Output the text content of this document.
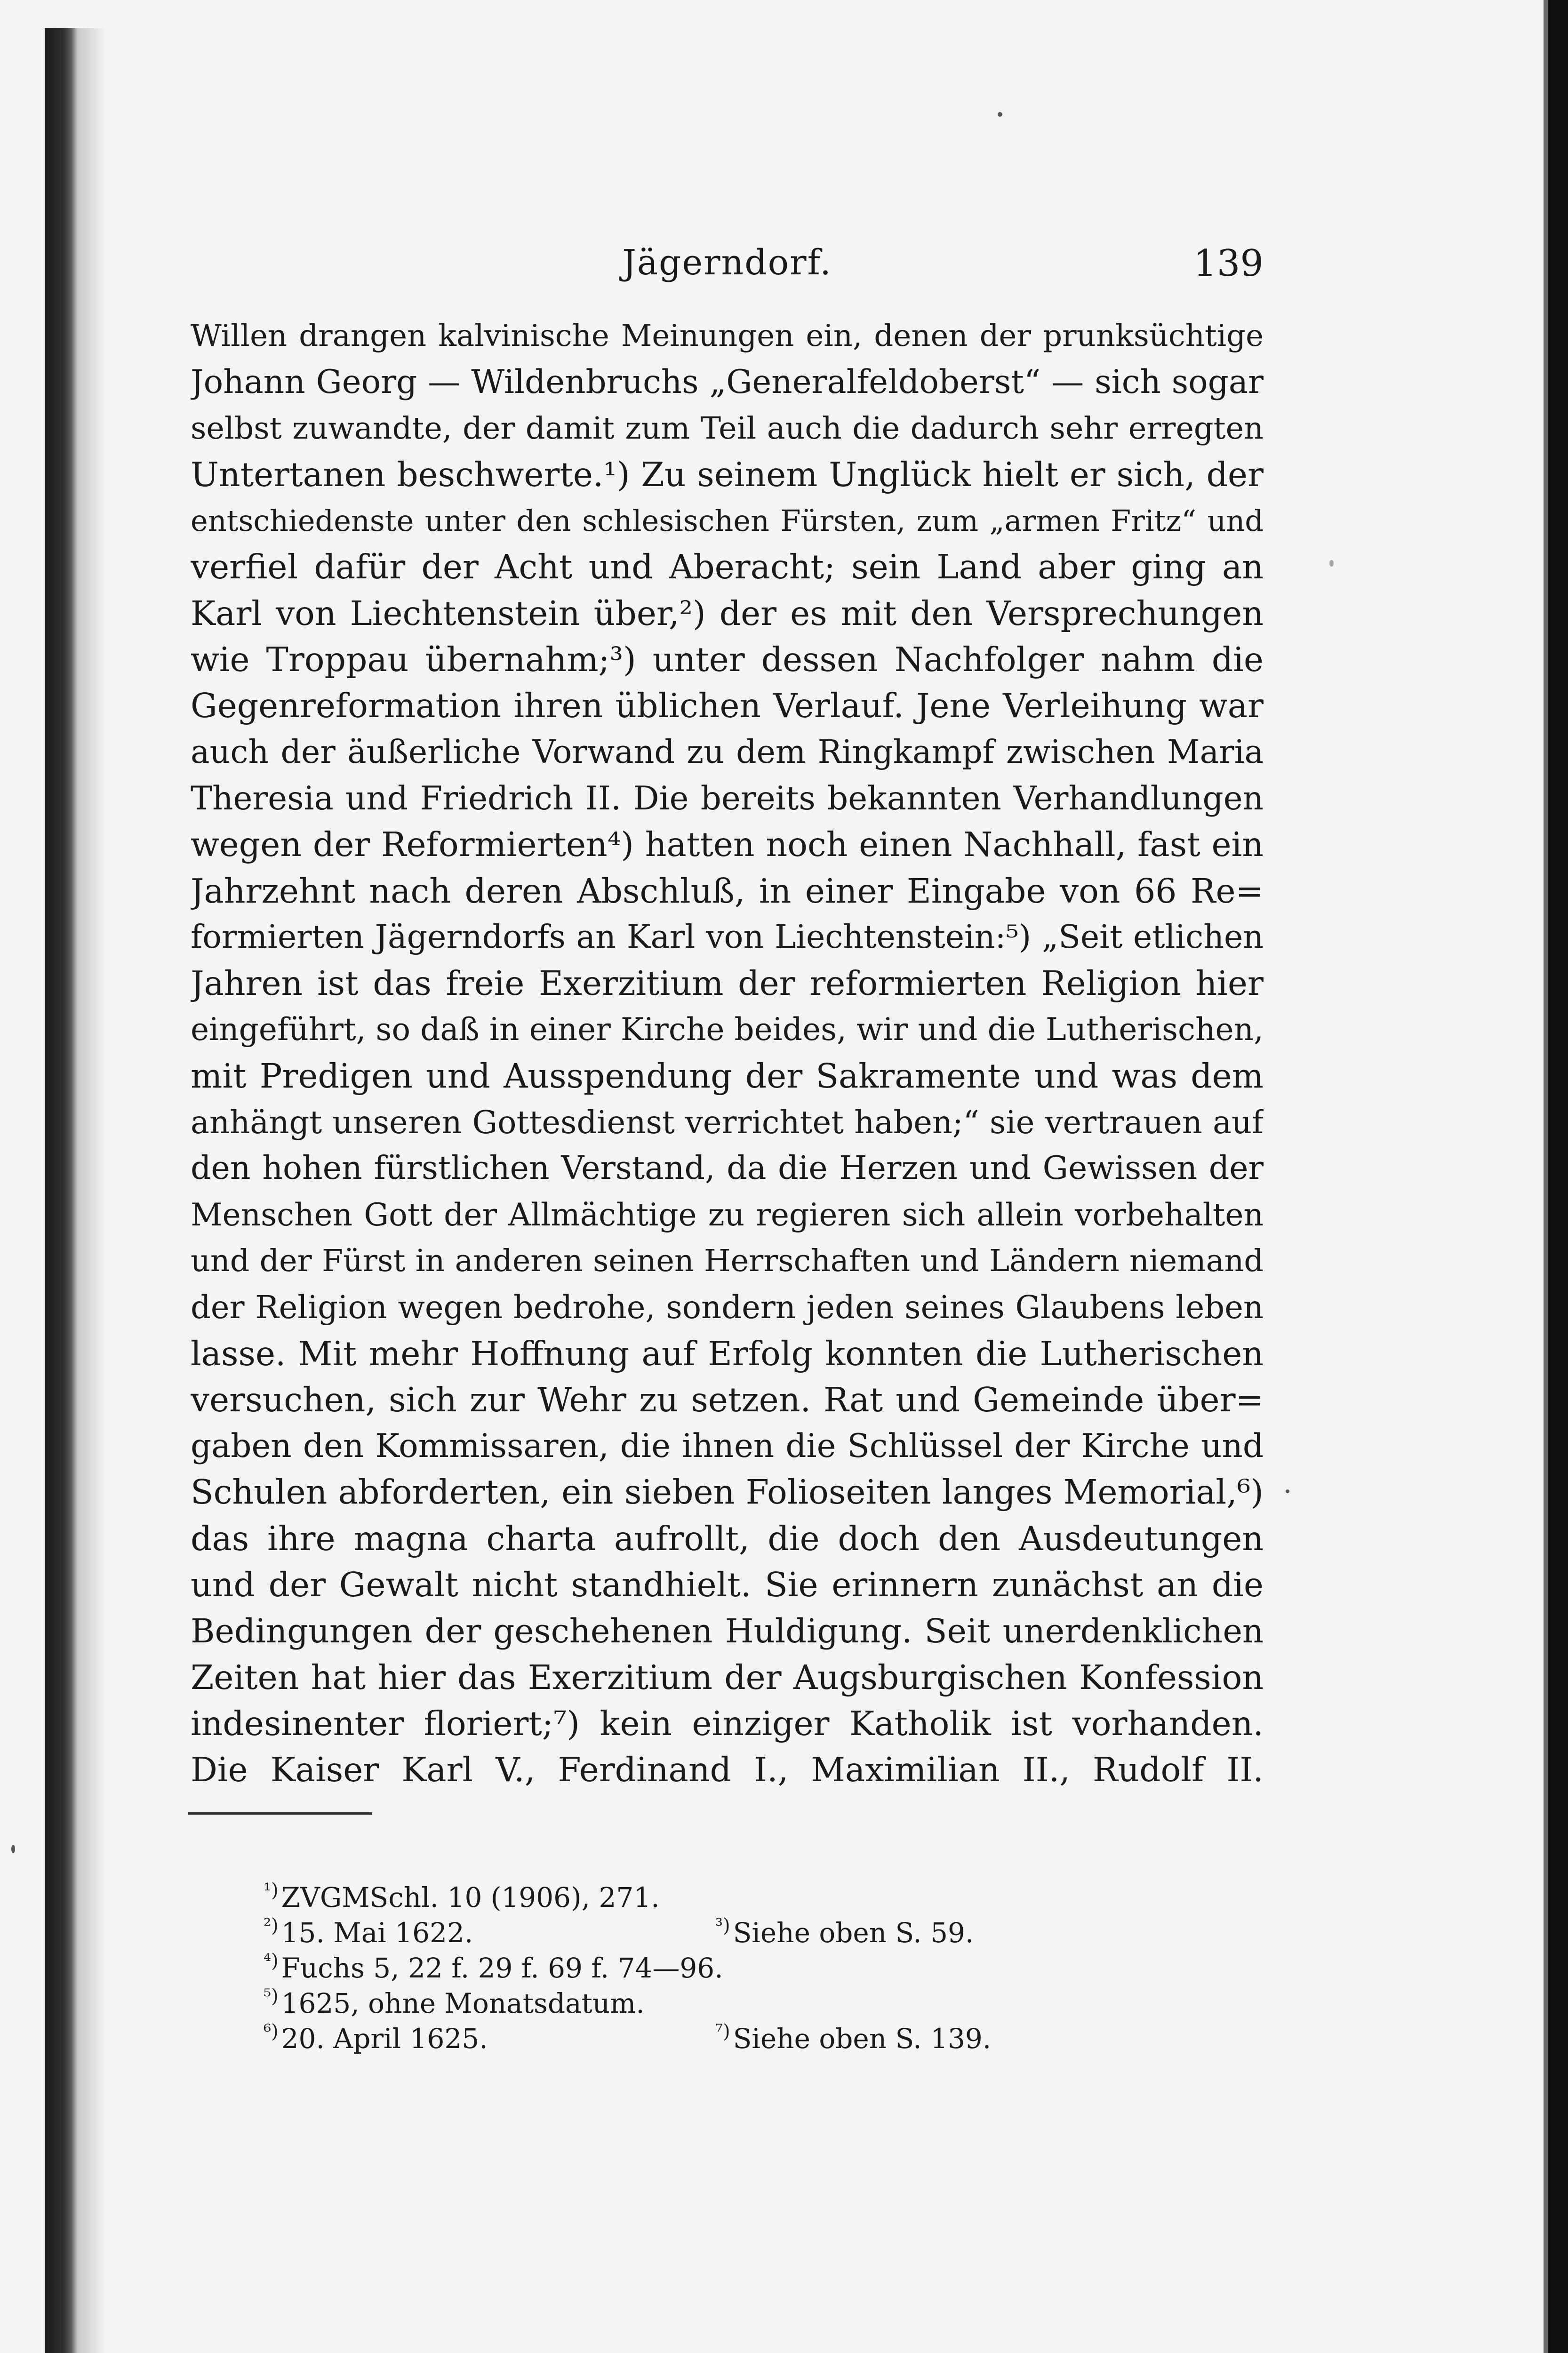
Jägerndorf.	139
Willen drangen kalvinische Meinungen ein, denen der prunksüchtige
Johann Georg — Wildenbruchs „Generalfeldoberst“ — sich sogar
selbst zuwandte, der damit zum Teil auch die dadurch sehr erregten
Untertanen beschwerte.¹) Zu seinem Unglück hielt er sich, der
entschiedenste unter den schlesischen Fürsten, zum „armen Fritz“ und
verfiel dafür der Acht und Aberacht; sein Land aber ging an
Karl von Liechtenstein über,²) der es mit den Versprechungen
wie Troppau übernahm;³) unter dessen Nachfolger nahm die
Gegenreformation ihren üblichen Verlauf. Jene Verleihung war
auch der äußerliche Vorwand zu dem Ringkampf zwischen Maria
Theresia und Friedrich II. Die bereits bekannten Verhandlungen
wegen der Reformierten⁴) hatten noch einen Nachhall, fast ein
Jahrzehnt nach deren Abschluß, in einer Eingabe von 66 Re=
formierten Jägerndorfs an Karl von Liechtenstein:⁵) „Seit etlichen
Jahren ist das freie Exerzitium der reformierten Religion hier
eingeführt, so daß in einer Kirche beides, wir und die Lutherischen,
mit Predigen und Ausspendung der Sakramente und was dem
anhängt unseren Gottesdienst verrichtet haben;“ sie vertrauen auf
den hohen fürstlichen Verstand, da die Herzen und Gewissen der
Menschen Gott der Allmächtige zu regieren sich allein vorbehalten
und der Fürst in anderen seinen Herrschaften und Ländern niemand
der Religion wegen bedrohe, sondern jeden seines Glaubens leben
lasse. Mit mehr Hoffnung auf Erfolg konnten die Lutherischen
versuchen, sich zur Wehr zu setzen. Rat und Gemeinde über=
gaben den Kommissaren, die ihnen die Schlüssel der Kirche und
Schulen abforderten, ein sieben Folioseiten langes Memorial,⁶)
das ihre magna charta aufrollt, die doch den Ausdeutungen
und der Gewalt nicht standhielt. Sie erinnern zunächst an die
Bedingungen der geschehenen Huldigung. Seit unerdenklichen
Zeiten hat hier das Exerzitium der Augsburgischen Konfession
indesinenter floriert;⁷) kein einziger Katholik ist vorhanden.
Die Kaiser Karl V., Ferdinand I., Maximilian II., Rudolf II.
$^{^1)}$ ZVGMSchl. 10 (1906), 271.
$^{^2)}$ 15. Mai 1622.	$^{^3)}$ Siehe oben S. 59.
$^{^4)}$ Fuchs 5, 22 f. 29 f. 69 f. 74—96.
$^{^5)}$ 1625, ohne Monatsdatum.
$^{^6)}$ 20. April 1625.	$^{^7)}$ Siehe oben S. 139.
